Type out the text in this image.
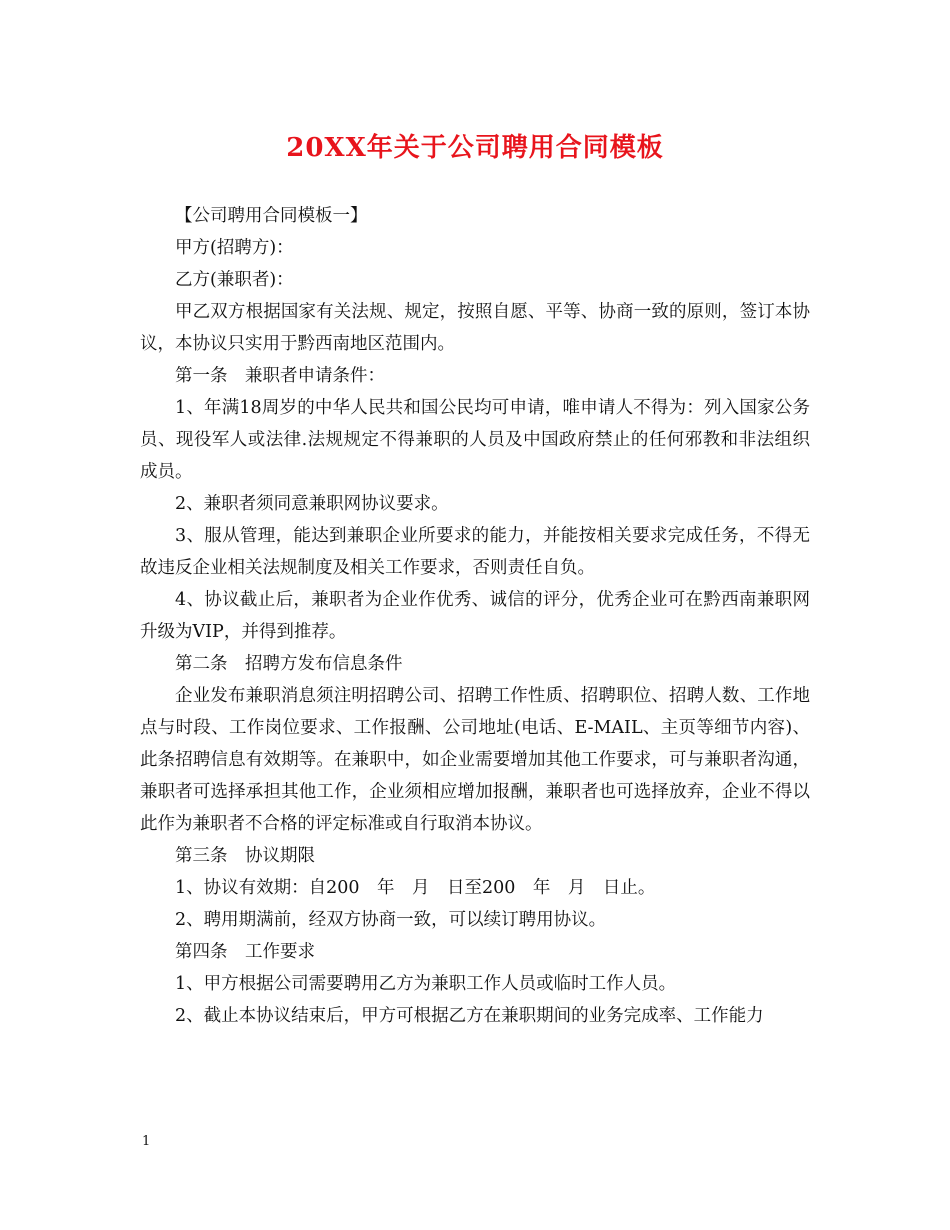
20XX年关于公司聘用合同模板

【公司聘用合同模板一】

甲方(招聘方)：

乙方(兼职者)：

甲乙双方根据国家有关法规、规定，按照自愿、平等、协商一致的原则，签订本协议，本协议只实用于黔西南地区范围内。

第一条　兼职者申请条件：

1、年满18周岁的中华人民共和国公民均可申请，唯申请人不得为：列入国家公务员、现役军人或法律.法规规定不得兼职的人员及中国政府禁止的任何邪教和非法组织成员。

2、兼职者须同意兼职网协议要求。

3、服从管理，能达到兼职企业所要求的能力，并能按相关要求完成任务，不得无故违反企业相关法规制度及相关工作要求，否则责任自负。

4、协议截止后，兼职者为企业作优秀、诚信的评分，优秀企业可在黔西南兼职网升级为VIP，并得到推荐。

第二条　招聘方发布信息条件

企业发布兼职消息须注明招聘公司、招聘工作性质、招聘职位、招聘人数、工作地点与时段、工作岗位要求、工作报酬、公司地址(电话、E-MAIL、主页等细节内容)、此条招聘信息有效期等。在兼职中，如企业需要增加其他工作要求，可与兼职者沟通，兼职者可选择承担其他工作，企业须相应增加报酬，兼职者也可选择放弃，企业不得以此作为兼职者不合格的评定标准或自行取消本协议。

第三条　协议期限

1、协议有效期：自200　年　月　日至200　年　月　日止。

2、聘用期满前，经双方协商一致，可以续订聘用协议。

第四条　工作要求

1、甲方根据公司需要聘用乙方为兼职工作人员或临时工作人员。

2、截止本协议结束后，甲方可根据乙方在兼职期间的业务完成率、工作能力

1
